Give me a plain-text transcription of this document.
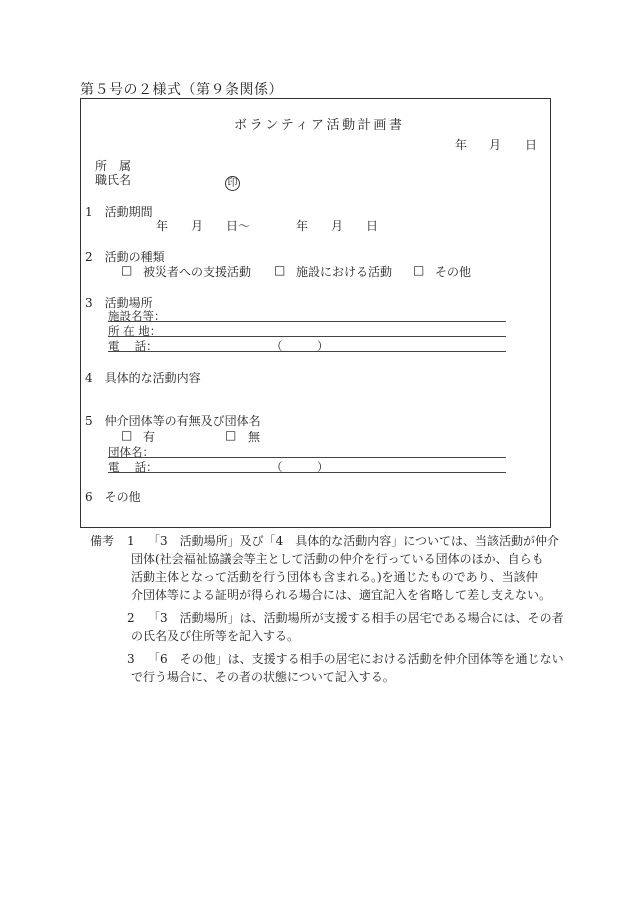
第５号の２様式（第９条関係）
ボランティア活動計画書
年 月 日
所　属
職氏名	印
1　活動期間
年 月 日～	年 月 日
2　活動の種類
□ 被災者への支援活動 □ 施設における活動 □ その他
3　活動場所
施設名等：
所 在 地：
電　 話：	（　　　）
4　具体的な活動内容
5　仲介団体等の有無及び団体名
□ 有	□ 無
団体名：
電　 話：	（　　　）
6　その他
備考 1 「3　活動場所」及び「4　具体的な活動内容」については、当該活動が仲介
団体(社会福祉協議会等主として活動の仲介を行っている団体のほか、自らも
活動主体となって活動を行う団体も含まれる。)を通じたものであり、当該仲
介団体等による証明が得られる場合には、適宜記入を省略して差し支えない。
2 「3　活動場所」は、活動場所が支援する相手の居宅である場合には、その者
の氏名及び住所等を記入する。
3 「6　その他」は、支援する相手の居宅における活動を仲介団体等を通じない
で行う場合に、その者の状態について記入する。
